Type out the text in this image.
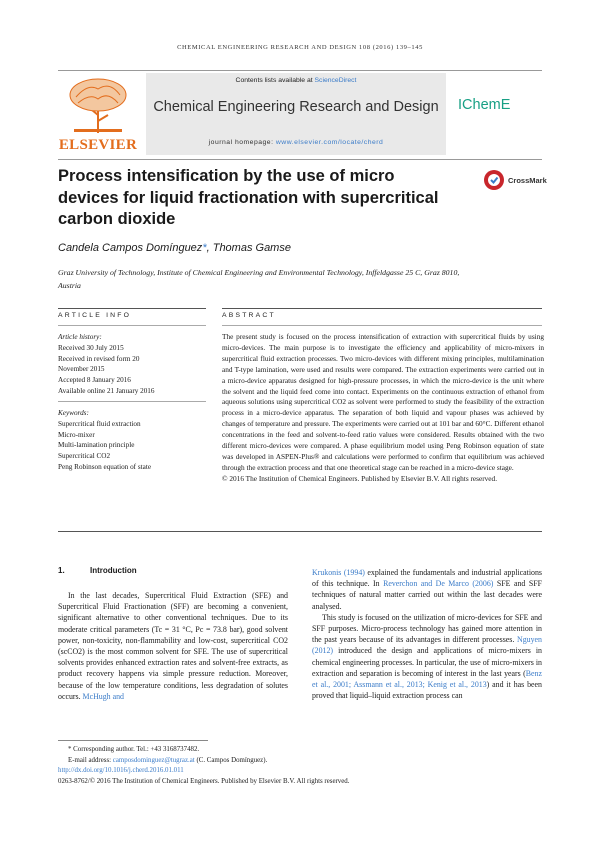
CHEMICAL ENGINEERING RESEARCH AND DESIGN 108 (2016) 139–145
ELSEVIER
Contents lists available at ScienceDirect
Chemical Engineering Research and Design
journal homepage: www.elsevier.com/locate/cherd
IChemE
Process intensification by the use of micro devices for liquid fractionation with supercritical carbon dioxide
CrossMark
Candela Campos Domínguez*, Thomas Gamse
Graz University of Technology, Institute of Chemical Engineering and Environmental Technology, Inffeldgasse 25 C, Graz 8010, Austria
ARTICLE INFO	ABSTRACT
Article history:
Received 30 July 2015
Received in revised form 20
November 2015
Accepted 8 January 2016
Available online 21 January 2016
Keywords:
Supercritical fluid extraction
Micro-mixer
Multi-lamination principle
Supercritical CO2
Peng Robinson equation of state

The present study is focused on the process intensification of extraction with supercritical fluids by using micro-devices. The main purpose is to investigate the efficiency and applicability of micro-mixers in supercritical fluid extraction processes. Two micro-devices with different mixing principles, multilamination and T-type lamination, were used and results were compared. The extraction experiments were carried out in a micro-device apparatus designed for high-pressure processes, in which the micro-device is the unit where the solvent and the liquid feed come into contact. Experiments on the continuous extraction of ethanol from aqueous solutions using supercritical CO2 as solvent were performed to study the feasibility of the extraction process in a micro-device apparatus. The separation of both liquid and vapour phases was achieved by changes of temperature and pressure. The experiments were carried out at 101 bar and 60°C. Different ethanol concentrations in the feed and solvent-to-feed ratio values were considered. Results obtained with the two different micro-devices were compared. A phase equilibrium model using Peng Robinson equation of state was developed in ASPEN-Plus® and calculations were performed to confirm that equilibrium was achieved through the extraction process and that one theoretical stage can be reached in a micro-device stage.

© 2016 The Institution of Chemical Engineers. Published by Elsevier B.V. All rights reserved.

1.	Introduction

In the last decades, Supercritical Fluid Extraction (SFE) and Supercritical Fluid Fractionation (SFF) are becoming a convenient, significant alternative to other conventional techniques. Due to its moderate critical parameters (Tc = 31 °C, Pc = 73.8 bar), good solvent power, non-toxicity, non-flammability and low-cost, supercritical CO2 (scCO2) is the most common solvent for SFE. The use of supercritical solvents provides enhanced extraction rates and solvent-free extracts, as product recovery happens via simple pressure reduction. Moreover, because of the low temperature conditions, less degradation of solutes occurs. McHugh and

Krukonis (1994) explained the fundamentals and industrial applications of this technique. In Reverchon and De Marco (2006) SFE and SFF techniques of natural matter carried out within the last decades were analysed.

This study is focused on the utilization of micro-devices for SFE and SFF purposes. Micro-process technology has gained more attention in the past years because of its advantages in different processes. Nguyen (2012) introduced the design and applications of micro-mixers in chemical engineering processes. In particular, the use of micro-mixers in extraction and separation is becoming of interest in the last years (Benz et al., 2001; Assmann et al., 2013; Kenig et al., 2013) and it has been proved that liquid–liquid extraction process can

* Corresponding author. Tel.: +43 3168737482.
E-mail address: camposdominguez@tugraz.at (C. Campos Domínguez).
http://dx.doi.org/10.1016/j.cherd.2016.01.011
0263-8762/© 2016 The Institution of Chemical Engineers. Published by Elsevier B.V. All rights reserved.
